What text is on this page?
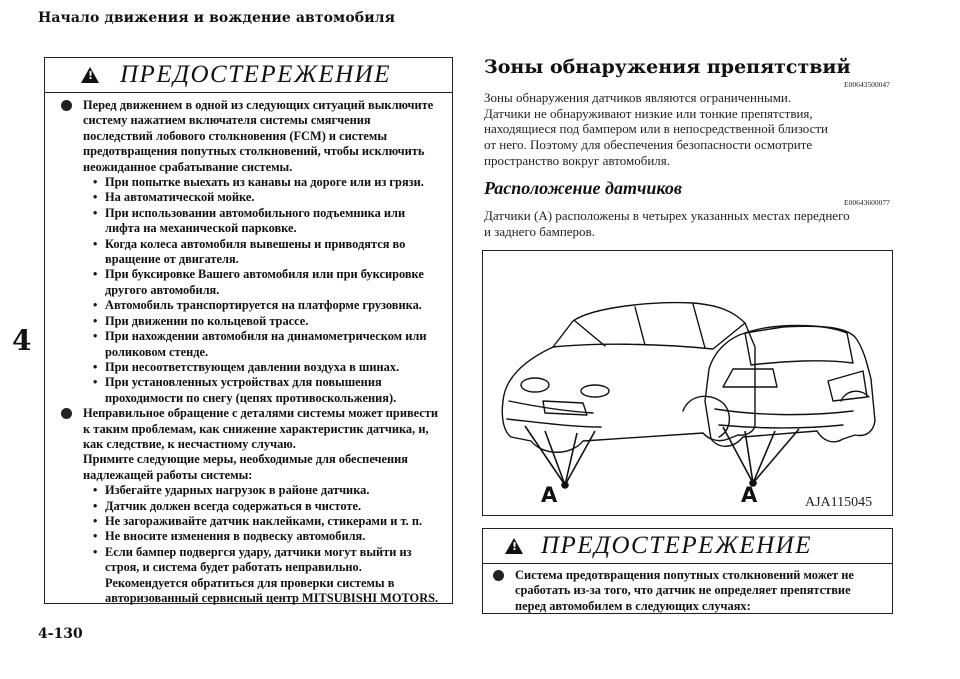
Начало движения и вождение автомобиля
4
4-130
!
ПРЕДОСТЕРЕЖЕНИЕ
Перед движением в одной из следующих ситуаций выключите систему нажатием включателя системы смягчения последствий лобового столкновения (FCM) и системы предотвращения попутных столкновений, чтобы исключить неожиданное срабатывание системы.
• При попытке выехать из канавы на дороге или из грязи.
• На автоматической мойке.
• При использовании автомобильного подъемника или лифта на механической парковке.
• Когда колеса автомобиля вывешены и приводятся во вращение от двигателя.
• При буксировке Вашего автомобиля или при буксировке другого автомобиля.
• Автомобиль транспортируется на платформе грузовика.
• При движении по кольцевой трассе.
• При нахождении автомобиля на динамометрическом или роликовом стенде.
• При несоответствующем давлении воздуха в шинах.
• При установленных устройствах для повышения проходимости по снегу (цепях противоскольжения).
Неправильное обращение с деталями системы может привести к таким проблемам, как снижение характеристик датчика, и, как следствие, к несчастному случаю.
Примите следующие меры, необходимые для обеспечения надлежащей работы системы:
• Избегайте ударных нагрузок в районе датчика.
• Датчик должен всегда содержаться в чистоте.
• Не загораживайте датчик наклейками, стикерами и т. п.
• Не вносите изменения в подвеску автомобиля.
• Если бампер подвергся удару, датчики могут выйти из строя, и система будет работать неправильно. Рекомендуется обратиться для проверки системы в авторизованный сервисный центр MITSUBISHI MOTORS.
Зоны обнаружения препятствий
E00643500047
Зоны обнаружения датчиков являются ограниченными.
Датчики не обнаруживают низкие или тонкие препятствия,
находящиеся под бампером или в непосредственной близости
от него. Поэтому для обеспечения безопасности осмотрите
пространство вокруг автомобиля.
Расположение датчиков
E00643600077
Датчики (A) расположены в четырех указанных местах переднего
и заднего бамперов.
A	A	AJA115045
!
ПРЕДОСТЕРЕЖЕНИЕ
Система предотвращения попутных столкновений может не сработать из-за того, что датчик не определяет препятствие перед автомобилем в следующих случаях:
